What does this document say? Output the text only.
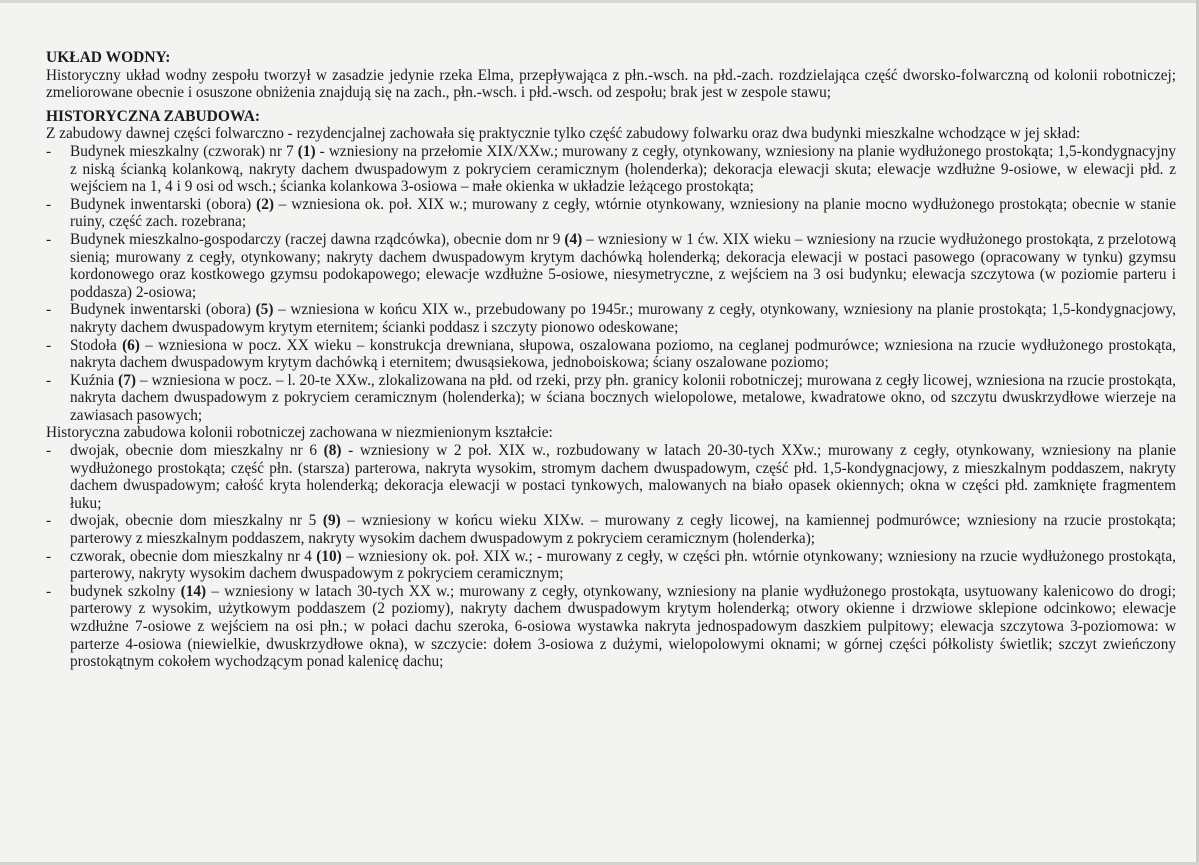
UKŁAD WODNY:

Historyczny układ wodny zespołu tworzył w zasadzie jedynie rzeka Elma, przepływająca z płn.-wsch. na płd.-zach. rozdzielająca część dworsko-folwarczną od kolonii robotniczej; zmeliorowane obecnie i osuszone obniżenia znajdują się na zach., płn.-wsch. i płd.-wsch. od zespołu; brak jest w zespole stawu;

HISTORYCZNA ZABUDOWA:

Z zabudowy dawnej części folwarczno - rezydencjalnej zachowała się praktycznie tylko część zabudowy folwarku oraz dwa budynki mieszkalne wchodzące w jej skład:

- Budynek mieszkalny (czworak) nr 7 (1) - wzniesiony na przełomie XIX/XXw.; murowany z cegły, otynkowany, wzniesiony na planie wydłużonego prostokąta; 1,5-kondygnacyjny z niską ścianką kolankową, nakryty dachem dwuspadowym z pokryciem ceramicznym (holenderka); dekoracja elewacji skuta; elewacje wzdłużne 9-osiowe, w elewacji płd. z wejściem na 1, 4 i 9 osi od wsch.; ścianka kolankowa 3-osiowa – małe okienka w układzie leżącego prostokąta;
- Budynek inwentarski (obora) (2) – wzniesiona ok. poł. XIX w.; murowany z cegły, wtórnie otynkowany, wzniesiony na planie mocno wydłużonego prostokąta; obecnie w stanie ruiny, część zach. rozebrana;
- Budynek mieszkalno-gospodarczy (raczej dawna rządcówka), obecnie dom nr 9 (4) – wzniesiony w 1 ćw. XIX wieku – wzniesiony na rzucie wydłużonego prostokąta, z przelotową sienią; murowany z cegły, otynkowany; nakryty dachem dwuspadowym krytym dachówką holenderką; dekoracja elewacji w postaci pasowego (opracowany w tynku) gzymsu kordonowego oraz kostkowego gzymsu podokapowego; elewacje wzdłużne 5-osiowe, niesymetryczne, z wejściem na 3 osi budynku; elewacja szczytowa (w poziomie parteru i poddasza) 2-osiowa;
- Budynek inwentarski (obora) (5) – wzniesiona w końcu XIX w., przebudowany po 1945r.; murowany z cegły, otynkowany, wzniesiony na planie prostokąta; 1,5-kondygnacjowy, nakryty dachem dwuspadowym krytym eternitem; ścianki poddasz i szczyty pionowo odeskowane;
- Stodoła (6) – wzniesiona w pocz. XX wieku – konstrukcja drewniana, słupowa, oszalowana poziomo, na ceglanej podmurówce; wzniesiona na rzucie wydłużonego prostokąta, nakryta dachem dwuspadowym krytym dachówką i eternitem; dwusąsiekowa, jednoboiskowa; ściany oszalowane poziomo;
- Kuźnia (7) – wzniesiona w pocz. – l. 20-te XXw., zlokalizowana na płd. od rzeki, przy płn. granicy kolonii robotniczej; murowana z cegły licowej, wzniesiona na rzucie prostokąta, nakryta dachem dwuspadowym z pokryciem ceramicznym (holenderka); w ściana bocznych wielopolowe, metalowe, kwadratowe okno, od szczytu dwuskrzydłowe wierzeje na zawiasach pasowych;

Historyczna zabudowa kolonii robotniczej zachowana w niezmienionym kształcie:

- dwojak, obecnie dom mieszkalny nr 6 (8) - wzniesiony w 2 poł. XIX w., rozbudowany w latach 20-30-tych XXw.; murowany z cegły, otynkowany, wzniesiony na planie wydłużonego prostokąta; część płn. (starsza) parterowa, nakryta wysokim, stromym dachem dwuspadowym, część płd. 1,5-kondygnacjowy, z mieszkalnym poddaszem, nakryty dachem dwuspadowym; całość kryta holenderką; dekoracja elewacji w postaci tynkowych, malowanych na biało opasek okiennych; okna w części płd. zamknięte fragmentem łuku;
- dwojak, obecnie dom mieszkalny nr 5 (9) – wzniesiony w końcu wieku XIXw. – murowany z cegły licowej, na kamiennej podmurówce; wzniesiony na rzucie prostokąta; parterowy z mieszkalnym poddaszem, nakryty wysokim dachem dwuspadowym z pokryciem ceramicznym (holenderka);
- czworak, obecnie dom mieszkalny nr 4 (10) – wzniesiony ok. poł. XIX w.; - murowany z cegły, w części płn. wtórnie otynkowany; wzniesiony na rzucie wydłużonego prostokąta, parterowy, nakryty wysokim dachem dwuspadowym z pokryciem ceramicznym;
- budynek szkolny (14) – wzniesiony w latach 30-tych XX w.; murowany z cegły, otynkowany, wzniesiony na planie wydłużonego prostokąta, usytuowany kalenicowo do drogi; parterowy z wysokim, użytkowym poddaszem (2 poziomy), nakryty dachem dwuspadowym krytym holenderką; otwory okienne i drzwiowe sklepione odcinkowo; elewacje wzdłużne 7-osiowe z wejściem na osi płn.; w połaci dachu szeroka, 6-osiowa wystawka nakryta jednospadowym daszkiem pulpitowy; elewacja szczytowa 3-poziomowa: w parterze 4-osiowa (niewielkie, dwuskrzydłowe okna), w szczycie: dołem 3-osiowa z dużymi, wielopolowymi oknami; w górnej części półkolisty świetlik; szczyt zwieńczony prostokątnym cokołem wychodzącym ponad kalenicę dachu;
